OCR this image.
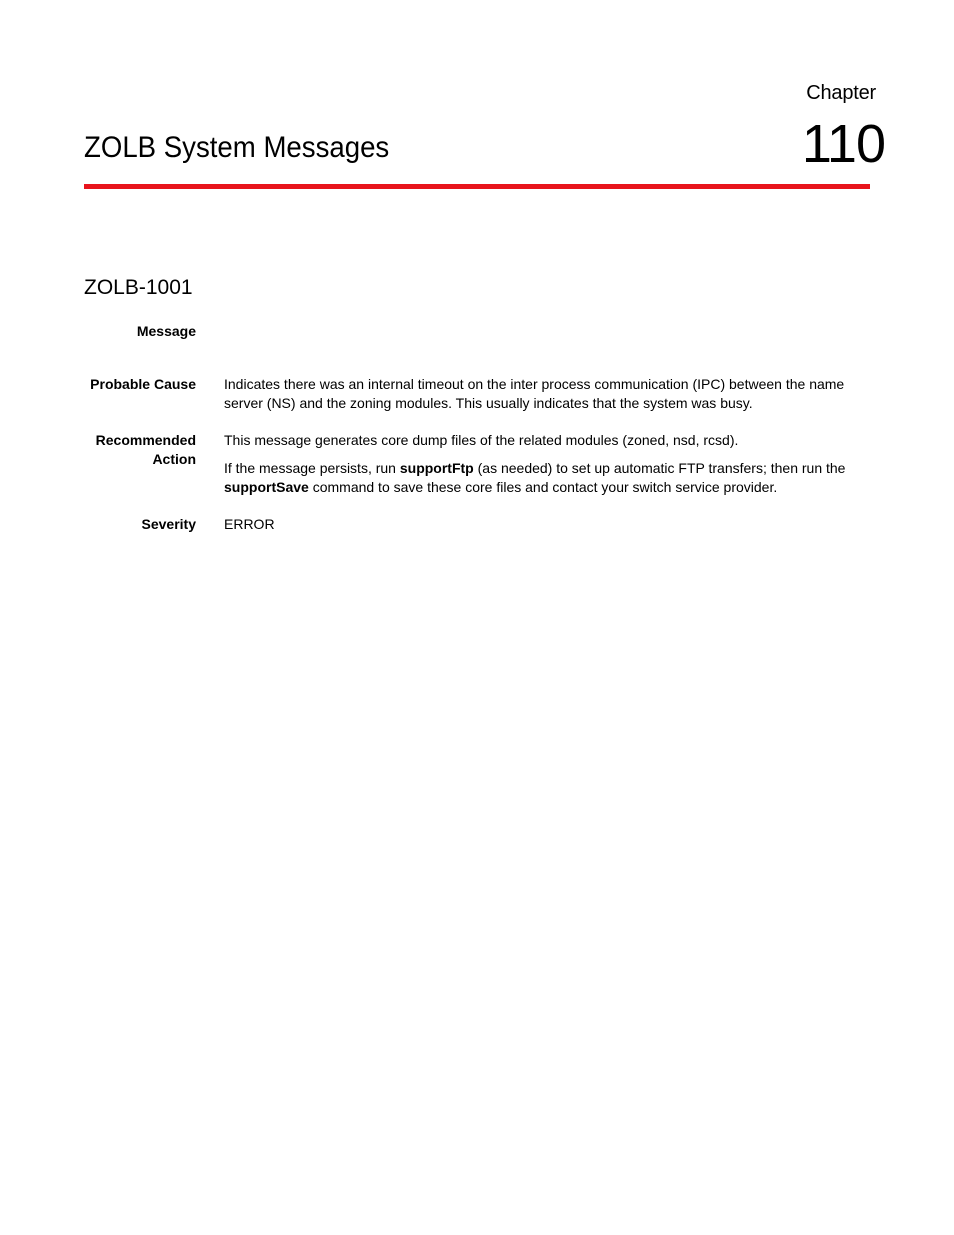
Chapter
110
ZOLB System Messages
ZOLB-1001
Message
Probable Cause Indicates there was an internal timeout on the inter process communication (IPC) between the name server (NS) and the zoning modules. This usually indicates that the system was busy.

Recommended
Action

This message generates core dump files of the related modules (zoned, nsd, rcsd).

If the message persists, run supportFtp (as needed) to set up automatic FTP transfers; then run the supportSave command to save these core files and contact your switch service provider.

Severity ERROR
